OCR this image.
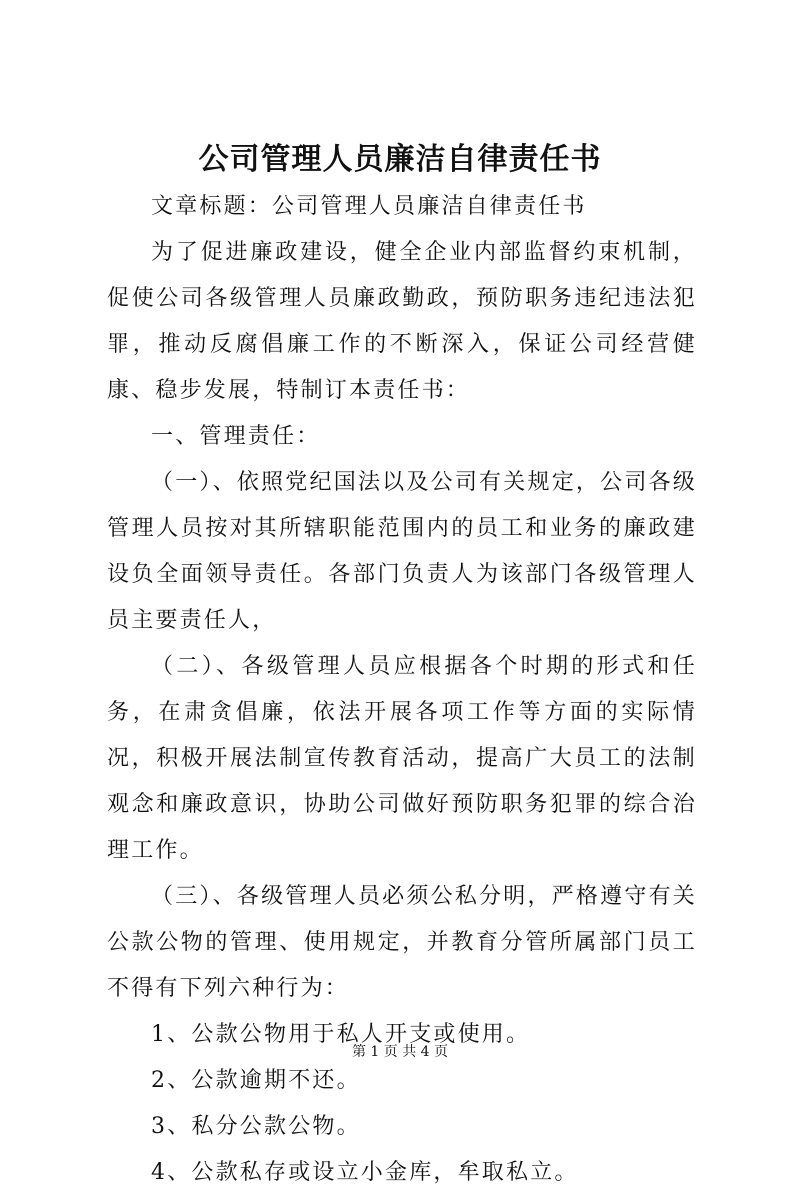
公司管理人员廉洁自律责任书

文章标题：公司管理人员廉洁自律责任书

为了促进廉政建设，健全企业内部监督约束机制，促使公司各级管理人员廉政勤政，预防职务违纪违法犯罪，推动反腐倡廉工作的不断深入，保证公司经营健康、稳步发展，特制订本责任书：

一、管理责任：

（一）、依照党纪国法以及公司有关规定，公司各级管理人员按对其所辖职能范围内的员工和业务的廉政建设负全面领导责任。各部门负责人为该部门各级管理人员主要责任人，

（二）、各级管理人员应根据各个时期的形式和任务，在肃贪倡廉，依法开展各项工作等方面的实际情况，积极开展法制宣传教育活动，提高广大员工的法制观念和廉政意识，协助公司做好预防职务犯罪的综合治理工作。

（三）、各级管理人员必须公私分明，严格遵守有关公款公物的管理、使用规定，并教育分管所属部门员工不得有下列六种行为：

1、公款公物用于私人开支或使用。

2、公款逾期不还。

3、私分公款公物。

4、公款私存或设立小金库，牟取私立。

第 1 页 共 4 页
